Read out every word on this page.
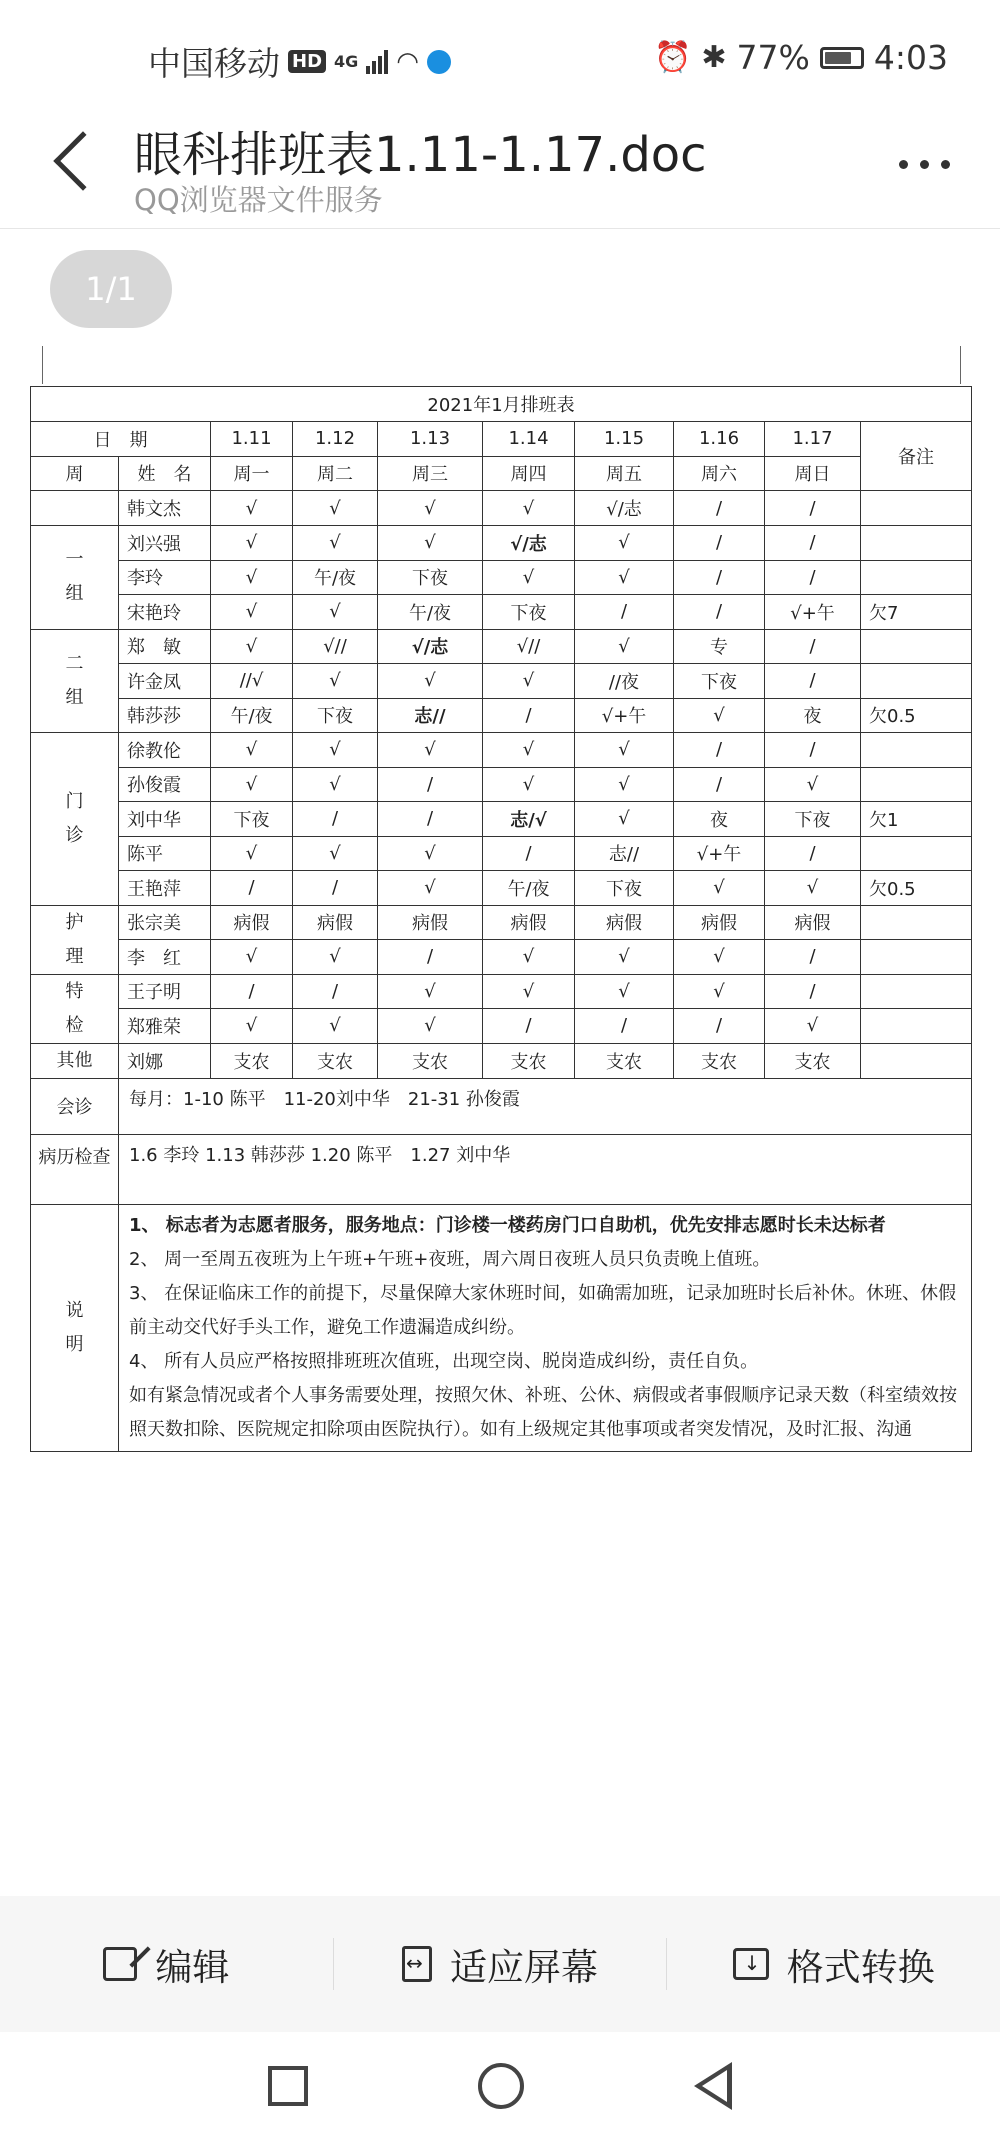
中国移动 HD 4G ◠	⏰ ✱ 77% 4:03
眼科排班表1.11-1.17.doc
QQ浏览器文件服务
1/1
2021年1月排班表									
日　期		1.11	1.12	1.13	1.14	1.15	1.16	1.17	备注
周	姓　名	周一	周二	周三	周四	周五	周六	周日	
	韩文杰	√	√	√	√	√/志	/	/	
一组	刘兴强	√	√	√	√/志	√	/	/	
	李玲	√	午/夜	下夜	√	√	/	/	
	宋艳玲	√	√	午/夜	下夜	/	/	√+午	欠7
二组	郑　敏	√	√//	√/志	√//	√	专	/	
	许金凤	//√	√	√	√	//夜	下夜	/	
	韩莎莎	午/夜	下夜	志//	/	√+午	√	夜	欠0.5
门诊	徐教伦	√	√	√	√	√	/	/	
	孙俊霞	√	√	/	√	√	/	√	
	刘中华	下夜	/	/	志/√	√	夜	下夜	欠1
	陈平	√	√	√	/	志//	√+午	/	
	王艳萍	/	/	√	午/夜	下夜	√	√	欠0.5
护理	张宗美	病假	病假	病假	病假	病假	病假	病假	
	李　红	√	√	/	√	√	√	/	
特检	王子明	/	/	√	√	√	√	/	
	郑雅荣	√	√	√	/	/	/	√	
其他	刘娜	支农	支农	支农	支农	支农	支农	支农	
会诊	每月：1-10 陈平　11-20刘中华　21-31 孙俊霞								
病历检查	1.6 李玲 1.13 韩莎莎 1.20 陈平　1.27 刘中华								
说明	1、 标志者为志愿者服务，服务地点：门诊楼一楼药房门口自助机，优先安排志愿时长未达标者

2、 周一至周五夜班为上午班+午班+夜班，周六周日夜班人员只负责晚上值班。

3、 在保证临床工作的前提下，尽量保障大家休班时间，如确需加班，记录加班时长后补休。休班、休假前主动交代好手头工作，避免工作遗漏造成纠纷。

4、 所有人员应严格按照排班班次值班，出现空岗、脱岗造成纠纷，责任自负。

如有紧急情况或者个人事务需要处理，按照欠休、补班、公休、病假或者事假顺序记录天数（科室绩效按照天数扣除、医院规定扣除项由医院执行）。如有上级规定其他事项或者突发情况，及时汇报、沟通								

编辑 ↔	适应屏幕 ↓	格式转换
